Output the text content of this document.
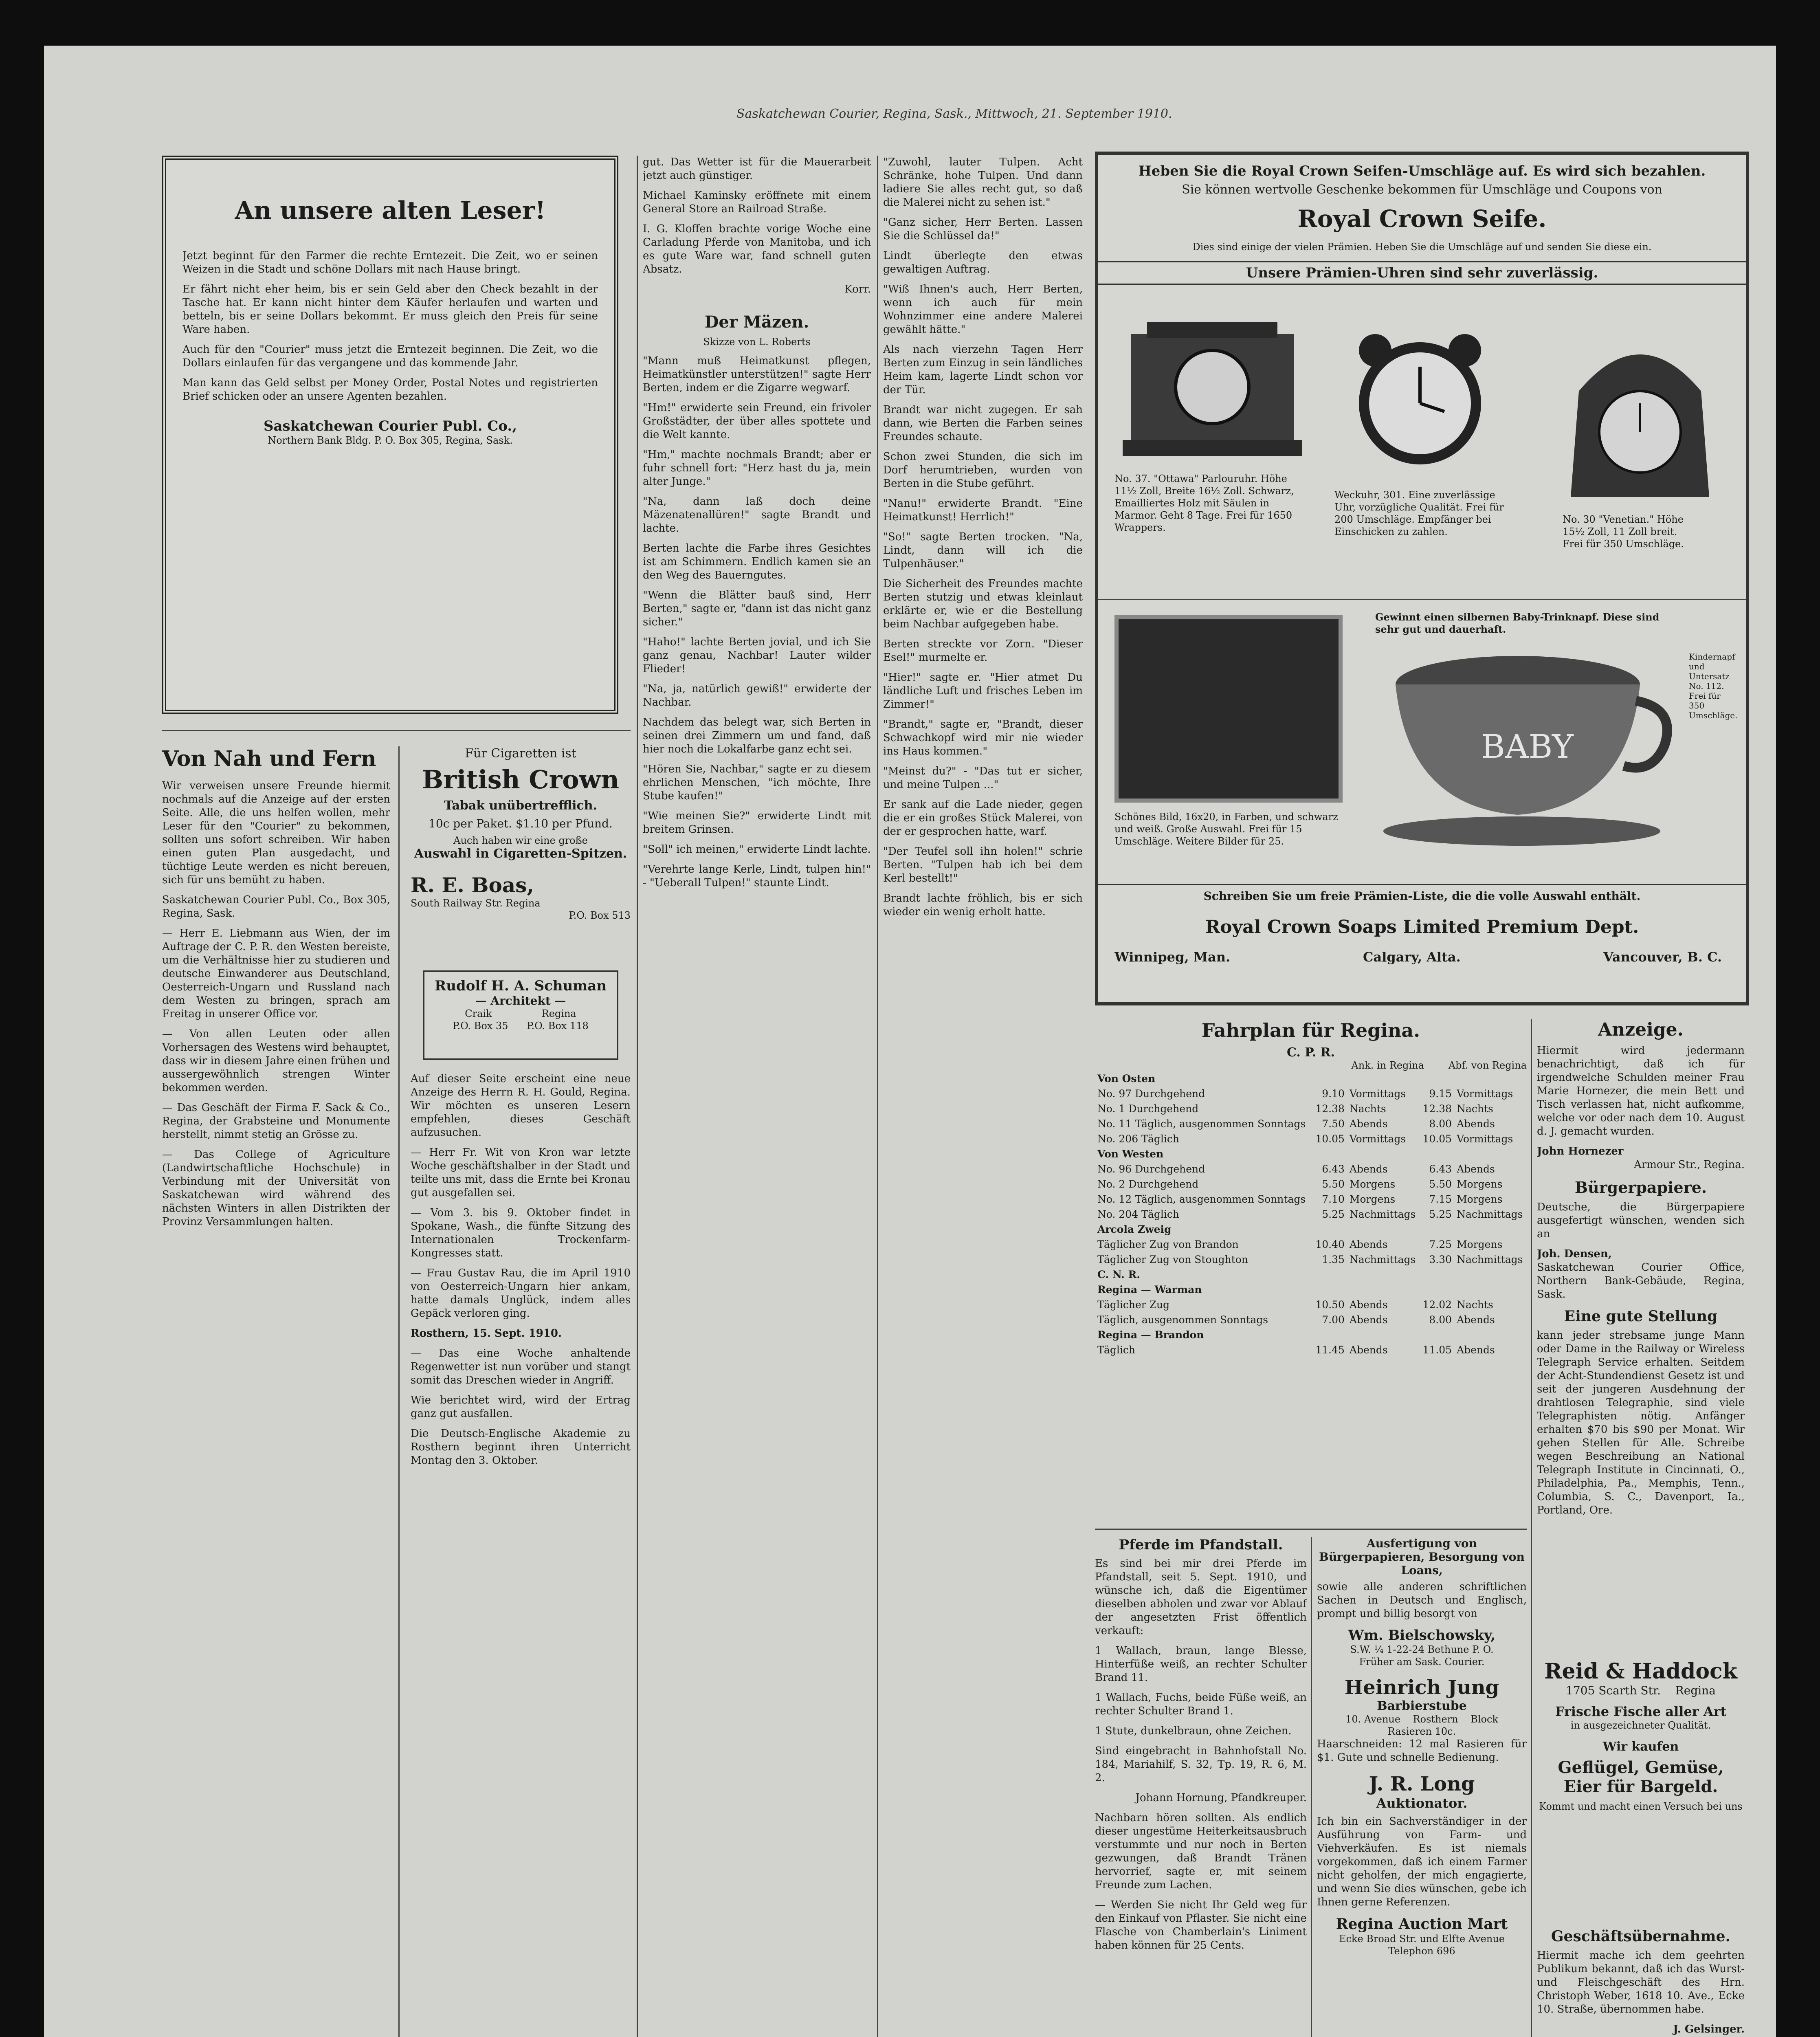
Saskatchewan Courier, Regina, Sask., Mittwoch, 21. September 1910.
An unsere alten Leser!

Jetzt beginnt für den Farmer die rechte Erntezeit. Die Zeit, wo er seinen Weizen in die Stadt und schöne Dollars mit nach Hause bringt.

Er fährt nicht eher heim, bis er sein Geld aber den Check bezahlt in der Tasche hat. Er kann nicht hinter dem Käufer herlaufen und warten und betteln, bis er seine Dollars bekommt. Er muss gleich den Preis für seine Ware haben.

Auch für den "Courier" muss jetzt die Erntezeit beginnen. Die Zeit, wo die Dollars einlaufen für das vergangene und das kommende Jahr.

Man kann das Geld selbst per Money Order, Postal Notes und registrierten Brief schicken oder an unsere Agenten bezahlen.

Saskatchewan Courier Publ. Co.,
Northern Bank Bldg. P. O. Box 305, Regina, Sask.
Von Nah und Fern

Wir verweisen unsere Freunde hiermit nochmals auf die Anzeige auf der ersten Seite. Alle, die uns helfen wollen, mehr Leser für den "Courier" zu bekommen, sollten uns sofort schreiben. Wir haben einen guten Plan ausgedacht, und tüchtige Leute werden es nicht bereuen, sich für uns bemüht zu haben.

Saskatchewan Courier Publ. Co., Box 305, Regina, Sask.

— Herr E. Liebmann aus Wien, der im Auftrage der C. P. R. den Westen bereiste, um die Verhältnisse hier zu studieren und deutsche Einwanderer aus Deutschland, Oesterreich-Ungarn und Russland nach dem Westen zu bringen, sprach am Freitag in unserer Office vor.

— Von allen Leuten oder allen Vorhersagen des Westens wird behauptet, dass wir in diesem Jahre einen frühen und aussergewöhnlich strengen Winter bekommen werden.

— Das Geschäft der Firma F. Sack & Co., Regina, der Grabsteine und Monumente herstellt, nimmt stetig an Grösse zu.

— Das College of Agriculture (Landwirtschaftliche Hochschule) in Verbindung mit der Universität von Saskatchewan wird während des nächsten Winters in allen Distrikten der Provinz Versammlungen halten.

Für Cigaretten ist
British Crown
Tabak unübertrefflich.
10c per Paket. $1.10 per Pfund.
Auch haben wir eine große
Auswahl in Cigaretten-Spitzen.
R. E. Boas,
South Railway Str. Regina
P.O. Box 513
Rudolf H. A. Schuman
— Architekt —
Craik                Regina
P.O. Box 35      P.O. Box 118

Auf dieser Seite erscheint eine neue Anzeige des Herrn R. H. Gould, Regina. Wir möchten es unseren Lesern empfehlen, dieses Geschäft aufzusuchen.

— Herr Fr. Wit von Kron war letzte Woche geschäftshalber in der Stadt und teilte uns mit, dass die Ernte bei Kronau gut ausgefallen sei.

— Vom 3. bis 9. Oktober findet in Spokane, Wash., die fünfte Sitzung des Internationalen Trockenfarm-Kongresses statt.

— Frau Gustav Rau, die im April 1910 von Oesterreich-Ungarn hier ankam, hatte damals Unglück, indem alles Gepäck verloren ging.

Rosthern, 15. Sept. 1910.

— Das eine Woche anhaltende Regenwetter ist nun vorüber und stangt somit das Dreschen wieder in Angriff.

Wie berichtet wird, wird der Ertrag ganz gut ausfallen.

Die Deutsch-Englische Akademie zu Rosthern beginnt ihren Unterricht Montag den 3. Oktober.

gut. Das Wetter ist für die Mauerarbeit jetzt auch günstiger.

Michael Kaminsky eröffnete mit einem General Store an Railroad Straße.

I. G. Kloffen brachte vorige Woche eine Carladung Pferde von Manitoba, und ich es gute Ware war, fand schnell guten Absatz.

Korr.

Der Mäzen.
Skizze von L. Roberts

"Mann muß Heimatkunst pflegen, Heimatkünstler unterstützen!" sagte Herr Berten, indem er die Zigarre wegwarf.

"Hm!" erwiderte sein Freund, ein frivoler Großstädter, der über alles spottete und die Welt kannte.

"Hm," machte nochmals Brandt; aber er fuhr schnell fort: "Herz hast du ja, mein alter Junge."

"Na, dann laß doch deine Mäzenatenallüren!" sagte Brandt und lachte.

Berten lachte die Farbe ihres Gesichtes ist am Schimmern. Endlich kamen sie an den Weg des Bauerngutes.

"Wenn die Blätter bauß sind, Herr Berten," sagte er, "dann ist das nicht ganz sicher."

"Haho!" lachte Berten jovial, und ich Sie ganz genau, Nachbar! Lauter wilder Flieder!

"Na, ja, natürlich gewiß!" erwiderte der Nachbar.

Nachdem das belegt war, sich Berten in seinen drei Zimmern um und fand, daß hier noch die Lokalfarbe ganz echt sei.

"Hören Sie, Nachbar," sagte er zu diesem ehrlichen Menschen, "ich möchte, Ihre Stube kaufen!"

"Wie meinen Sie?" erwiderte Lindt mit breitem Grinsen.

"Soll" ich meinen," erwiderte Lindt lachte.

"Verehrte lange Kerle, Lindt, tulpen hin!" - "Ueberall Tulpen!" staunte Lindt.

"Zuwohl, lauter Tulpen. Acht Schränke, hohe Tulpen. Und dann ladiere Sie alles recht gut, so daß die Malerei nicht zu sehen ist."

"Ganz sicher, Herr Berten. Lassen Sie die Schlüssel da!"

Lindt überlegte den etwas gewaltigen Auftrag.

"Wiß Ihnen's auch, Herr Berten, wenn ich auch für mein Wohnzimmer eine andere Malerei gewählt hätte."

Als nach vierzehn Tagen Herr Berten zum Einzug in sein ländliches Heim kam, lagerte Lindt schon vor der Tür.

Brandt war nicht zugegen. Er sah dann, wie Berten die Farben seines Freundes schaute.

Schon zwei Stunden, die sich im Dorf herumtrieben, wurden von Berten in die Stube geführt.

"Nanu!" erwiderte Brandt. "Eine Heimatkunst! Herrlich!"

"So!" sagte Berten trocken. "Na, Lindt, dann will ich die Tulpenhäuser."

Die Sicherheit des Freundes machte Berten stutzig und etwas kleinlaut erklärte er, wie er die Bestellung beim Nachbar aufgegeben habe.

Berten streckte vor Zorn. "Dieser Esel!" murmelte er.

"Hier!" sagte er. "Hier atmet Du ländliche Luft und frisches Leben im Zimmer!"

"Brandt," sagte er, "Brandt, dieser Schwachkopf wird mir nie wieder ins Haus kommen."

"Meinst du?" - "Das tut er sicher, und meine Tulpen ..."

Er sank auf die Lade nieder, gegen die er ein großes Stück Malerei, von der er gesprochen hatte, warf.

"Der Teufel soll ihn holen!" schrie Berten. "Tulpen hab ich bei dem Kerl bestellt!"

Brandt lachte fröhlich, bis er sich wieder ein wenig erholt hatte.

Heben Sie die Royal Crown Seifen-Umschläge auf. Es wird sich bezahlen.
Sie können wertvolle Geschenke bekommen für Umschläge und Coupons von
Royal Crown Seife.
Dies sind einige der vielen Prämien. Heben Sie die Umschläge auf und senden Sie diese ein.
Unsere Prämien-Uhren sind sehr zuverlässig.
No. 37. "Ottawa" Parlouruhr. Höhe 11½ Zoll, Breite 16½ Zoll. Schwarz, Emailliertes Holz mit Säulen in Marmor. Geht 8 Tage. Frei für 1650 Wrappers.
Weckuhr, 301. Eine zuverlässige Uhr, vorzügliche Qualität. Frei für 200 Umschläge. Empfänger bei Einschicken zu zahlen.
No. 30 "Venetian." Höhe 15½ Zoll, 11 Zoll breit. Frei für 350 Umschläge.
Schönes Bild, 16x20, in Farben, und schwarz und weiß. Große Auswahl. Frei für 15 Umschläge. Weitere Bilder für 25.
Gewinnt einen silbernen Baby-Trinknapf. Diese sind sehr gut und dauerhaft.
BABY
Kindernapf und Untersatz No. 112. Frei für 350 Umschläge.
Schreiben Sie um freie Prämien-Liste, die die volle Auswahl enthält.
Royal Crown Soaps Limited Premium Dept.
Winnipeg, Man.	Calgary, Alta.	Vancouver, B. C.
Fahrplan für Regina.
C. P. R.
Ank. in Regina	Abf. von Regina
Von Osten				
No. 97 Durchgehend	9.10	Vormittags	9.15	Vormittags
No. 1 Durchgehend	12.38	Nachts	12.38	Nachts
No. 11 Täglich, ausgenommen Sonntags	7.50	Abends	8.00	Abends
No. 206 Täglich	10.05	Vormittags	10.05	Vormittags
Von Westen				
No. 96 Durchgehend	6.43	Abends	6.43	Abends
No. 2 Durchgehend	5.50	Morgens	5.50	Morgens
No. 12 Täglich, ausgenommen Sonntags	7.10	Morgens	7.15	Morgens
No. 204 Täglich	5.25	Nachmittags	5.25	Nachmittags
Arcola Zweig				
Täglicher Zug von Brandon	10.40	Abends	7.25	Morgens
Täglicher Zug von Stoughton	1.35	Nachmittags	3.30	Nachmittags
C. N. R.				
Regina — Warman				
Täglicher Zug	10.50	Abends	12.02	Nachts
Täglich, ausgenommen Sonntags	7.00	Abends	8.00	Abends
Regina — Brandon				
Täglich	11.45	Abends	11.05	Abends
Anzeige.

Hiermit wird jedermann benachrichtigt, daß ich für irgendwelche Schulden meiner Frau Marie Hornezer, die mein Bett und Tisch verlassen hat, nicht aufkomme, welche vor oder nach dem 10. August d. J. gemacht wurden.

John Hornezer

Armour Str., Regina.

Bürgerpapiere.

Deutsche, die Bürgerpapiere ausgefertigt wünschen, wenden sich an

Joh. Densen,

Saskatchewan Courier Office, Northern Bank-Gebäude, Regina, Sask.

Eine gute Stellung

kann jeder strebsame junge Mann oder Dame in the Railway or Wireless Telegraph Service erhalten. Seitdem der Acht-Stundendienst Gesetz ist und seit der jungeren Ausdehnung der drahtlosen Telegraphie, sind viele Telegraphisten nötig. Anfänger erhalten $70 bis $90 per Monat. Wir gehen Stellen für Alle. Schreibe wegen Beschreibung an National Telegraph Institute in Cincinnati, O., Philadelphia, Pa., Memphis, Tenn., Columbia, S. C., Davenport, Ia., Portland, Ore.

Reid & Haddock
1705 Scarth Str.    Regina
Frische Fische aller Art
in ausgezeichneter Qualität.
Wir kaufen
Geflügel, Gemüse, Eier für Bargeld.
Kommt und macht einen Versuch bei uns
Geschäftsübernahme.

Hiermit mache ich dem geehrten Publikum bekannt, daß ich das Wurst- und Fleischgeschäft des Hrn. Christoph Weber, 1618 10. Ave., Ecke 10. Straße, übernommen habe.

J. Gelsinger.

Pferde im Pfandstall.

Es sind bei mir drei Pferde im Pfandstall, seit 5. Sept. 1910, und wünsche ich, daß die Eigentümer dieselben abholen und zwar vor Ablauf der angesetzten Frist öffentlich verkauft:

1 Wallach, braun, lange Blesse, Hinterfüße weiß, an rechter Schulter Brand 11.

1 Wallach, Fuchs, beide Füße weiß, an rechter Schulter Brand 1.

1 Stute, dunkelbraun, ohne Zeichen.

Sind eingebracht in Bahnhofstall No. 184, Mariahilf, S. 32, Tp. 19, R. 6, M. 2.

Johann Hornung, Pfandkreuper.

Nachbarn hören sollten. Als endlich dieser ungestüme Heiterkeitsausbruch verstummte und nur noch in Berten gezwungen, daß Brandt Tränen hervorrief, sagte er, mit seinem Freunde zum Lachen.

— Werden Sie nicht Ihr Geld weg für den Einkauf von Pflaster. Sie nicht eine Flasche von Chamberlain's Liniment haben können für 25 Cents.

Ausfertigung von Bürgerpapieren, Besorgung von Loans,

sowie alle anderen schriftlichen Sachen in Deutsch und Englisch, prompt und billig besorgt von

Wm. Bielschowsky,
S.W. ¼ 1-22-24 Bethune P. O.
Früher am Sask. Courier.
Heinrich Jung
Barbierstube
10. Avenue    Rosthern    Block
Rasieren 10c.

Haarschneiden: 12 mal Rasieren für $1. Gute und schnelle Bedienung.

J. R. Long
Auktionator.

Ich bin ein Sachverständiger in der Ausführung von Farm- und Viehverkäufen. Es ist niemals vorgekommen, daß ich einem Farmer nicht geholfen, der mich engagierte, und wenn Sie dies wünschen, gebe ich Ihnen gerne Referenzen.

Regina Auction Mart
Ecke Broad Str. und Elfte Avenue
Telephon 696
